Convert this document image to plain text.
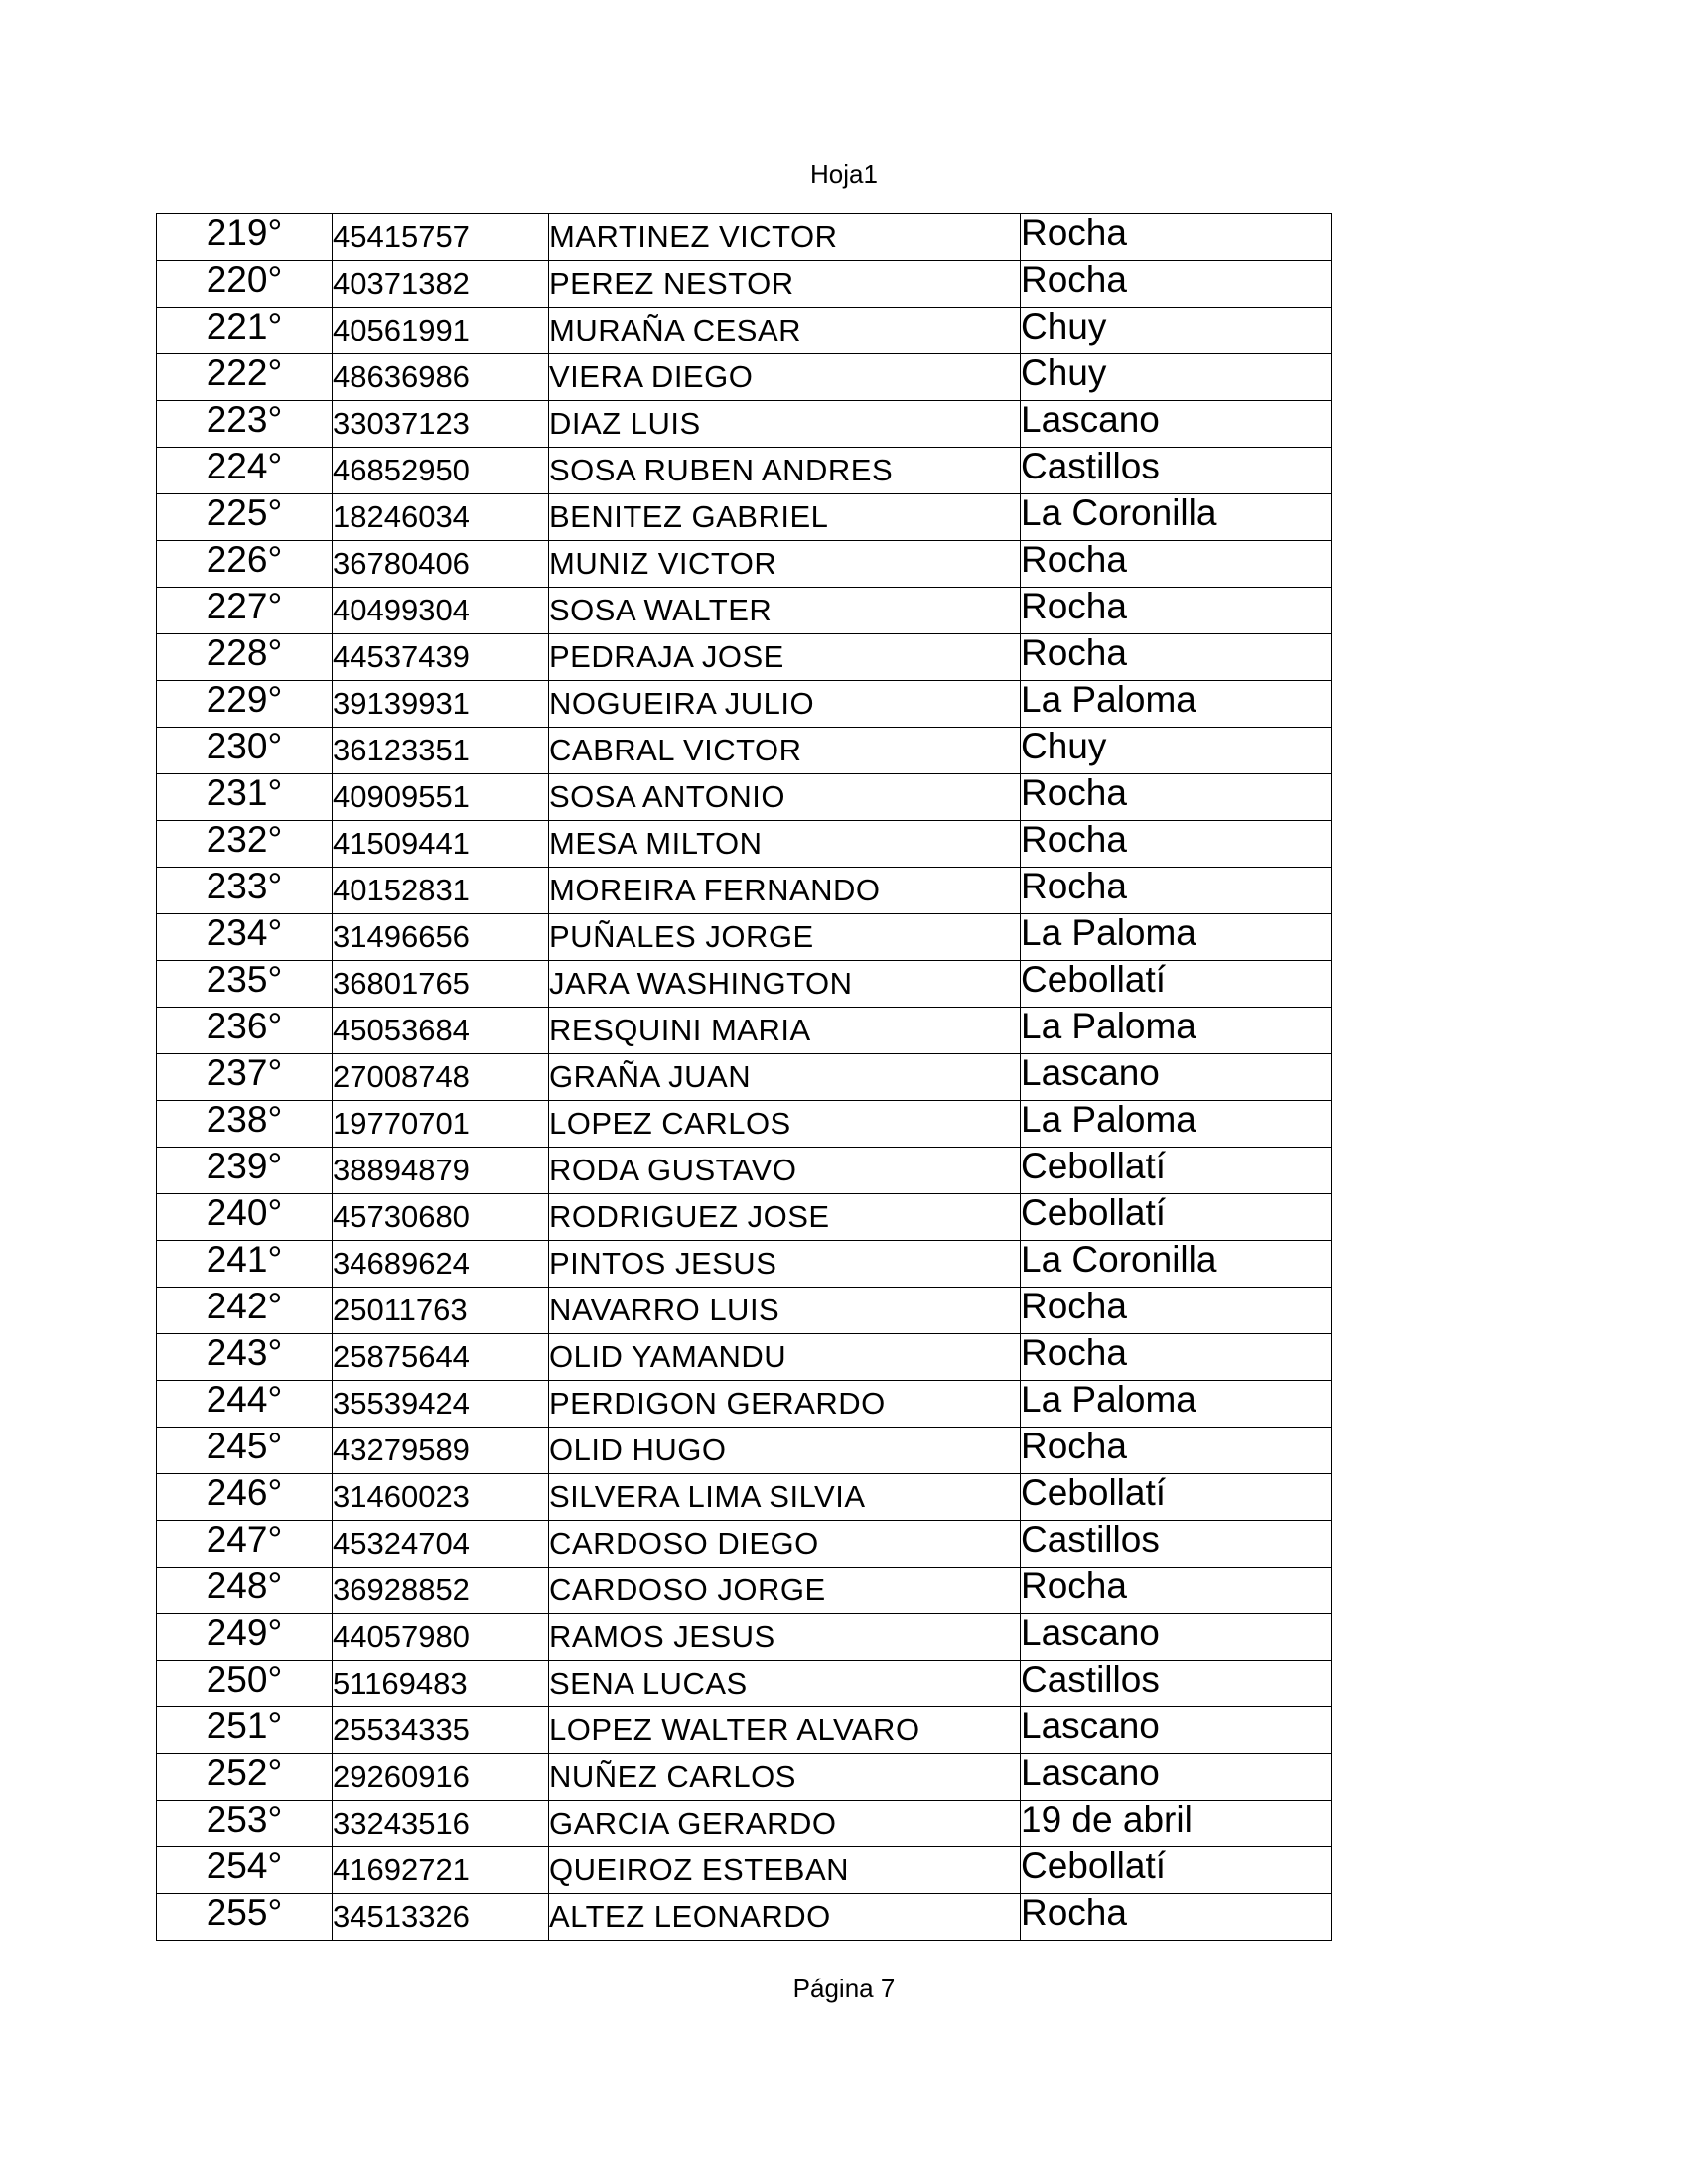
Hoja1
219°	45415757	MARTINEZ VICTOR	Rocha
220°	40371382	PEREZ NESTOR	Rocha
221°	40561991	MURAÑA CESAR	Chuy
222°	48636986	VIERA DIEGO	Chuy
223°	33037123	DIAZ LUIS	Lascano
224°	46852950	SOSA RUBEN ANDRES	Castillos
225°	18246034	BENITEZ GABRIEL	La Coronilla
226°	36780406	MUNIZ VICTOR	Rocha
227°	40499304	SOSA WALTER	Rocha
228°	44537439	PEDRAJA JOSE	Rocha
229°	39139931	NOGUEIRA JULIO	La Paloma
230°	36123351	CABRAL VICTOR	Chuy
231°	40909551	SOSA ANTONIO	Rocha
232°	41509441	MESA MILTON	Rocha
233°	40152831	MOREIRA FERNANDO	Rocha
234°	31496656	PUÑALES JORGE	La Paloma
235°	36801765	JARA WASHINGTON	Cebollatí
236°	45053684	RESQUINI MARIA	La Paloma
237°	27008748	GRAÑA JUAN	Lascano
238°	19770701	LOPEZ CARLOS	La Paloma
239°	38894879	RODA GUSTAVO	Cebollatí
240°	45730680	RODRIGUEZ JOSE	Cebollatí
241°	34689624	PINTOS JESUS	La Coronilla
242°	25011763	NAVARRO LUIS	Rocha
243°	25875644	OLID YAMANDU	Rocha
244°	35539424	PERDIGON GERARDO	La Paloma
245°	43279589	OLID HUGO	Rocha
246°	31460023	SILVERA LIMA SILVIA	Cebollatí
247°	45324704	CARDOSO DIEGO	Castillos
248°	36928852	CARDOSO JORGE	Rocha
249°	44057980	RAMOS JESUS	Lascano
250°	51169483	SENA LUCAS	Castillos
251°	25534335	LOPEZ WALTER ALVARO	Lascano
252°	29260916	NUÑEZ CARLOS	Lascano
253°	33243516	GARCIA GERARDO	19 de abril
254°	41692721	QUEIROZ ESTEBAN	Cebollatí
255°	34513326	ALTEZ LEONARDO	Rocha
Página 7
